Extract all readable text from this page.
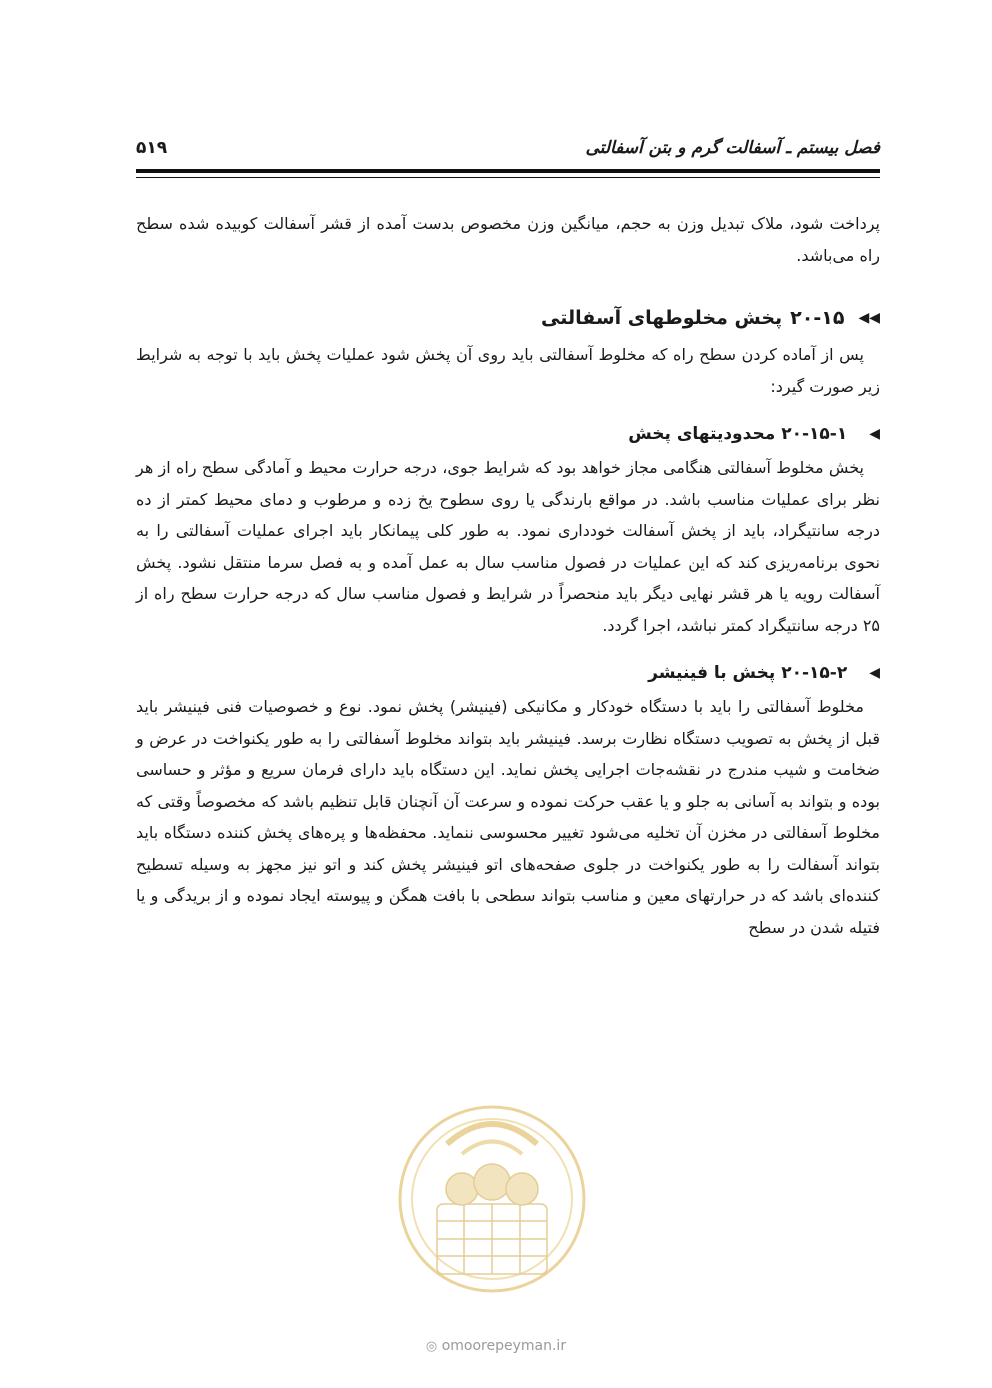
فصل بیستم ـ آسفالت گرم و بتن آسفالتی
۵۱۹

پرداخت شود، ملاک تبدیل وزن به حجم، میانگین وزن مخصوص بدست آمده از قشر آسفالت کوبیده شده سطح راه می‌باشد.

◀◀
۲۰-۱۵
پخش مخلوطهای آسفالتی

پس از آماده کردن سطح راه که مخلوط آسفالتی باید روی آن پخش شود عملیات پخش باید با توجه به شرایط زیر صورت گیرد:

◀
۲۰-۱۵-۱
محدودیتهای پخش

پخش مخلوط آسفالتی هنگامی مجاز خواهد بود که شرایط جوی، درجه حرارت محیط و آمادگی سطح راه از هر نظر برای عملیات مناسب باشد. در مواقع بارندگی یا روی سطوح یخ زده و مرطوب و دمای محیط کمتر از ده درجه سانتیگراد، باید از پخش آسفالت خودداری نمود. به طور کلی پیمانکار باید اجرای عملیات آسفالتی را به نحوی برنامه‌ریزی کند که این عملیات در فصول مناسب سال به عمل آمده و به فصل سرما منتقل نشود. پخش آسفالت رویه یا هر قشر نهایی دیگر باید منحصراً در شرایط و فصول مناسب سال که درجه حرارت سطح راه از ۲۵ درجه سانتیگراد کمتر نباشد، اجرا گردد.

◀
۲۰-۱۵-۲
پخش با فینیشر

مخلوط آسفالتی را باید با دستگاه خودکار و مکانیکی (فینیشر) پخش نمود. نوع و خصوصیات فنی فینیشر باید قبل از پخش به تصویب دستگاه نظارت برسد. فینیشر باید بتواند مخلوط آسفالتی را به طور یکنواخت در عرض و ضخامت و شیب مندرج در نقشه‌جات اجرایی پخش نماید. این دستگاه باید دارای فرمان سریع و مؤثر و حساسی بوده و بتواند به آسانی به جلو و یا عقب حرکت نموده و سرعت آن آنچنان قابل تنظیم باشد که مخصوصاً وقتی که مخلوط آسفالتی در مخزن آن تخلیه می‌شود تغییر محسوسی ننماید. محفظه‌ها و پره‌های پخش کننده دستگاه باید بتواند آسفالت را به طور یکنواخت در جلوی صفحه‌های اتو فینیشر پخش کند و اتو نیز مجهز به وسیله تسطیح کننده‌ای باشد که در حرارتهای معین و مناسب بتواند سطحی با بافت همگن و پیوسته ایجاد نموده و از بریدگی و یا فتیله شدن در سطح

◎ omoorepeyman.ir
